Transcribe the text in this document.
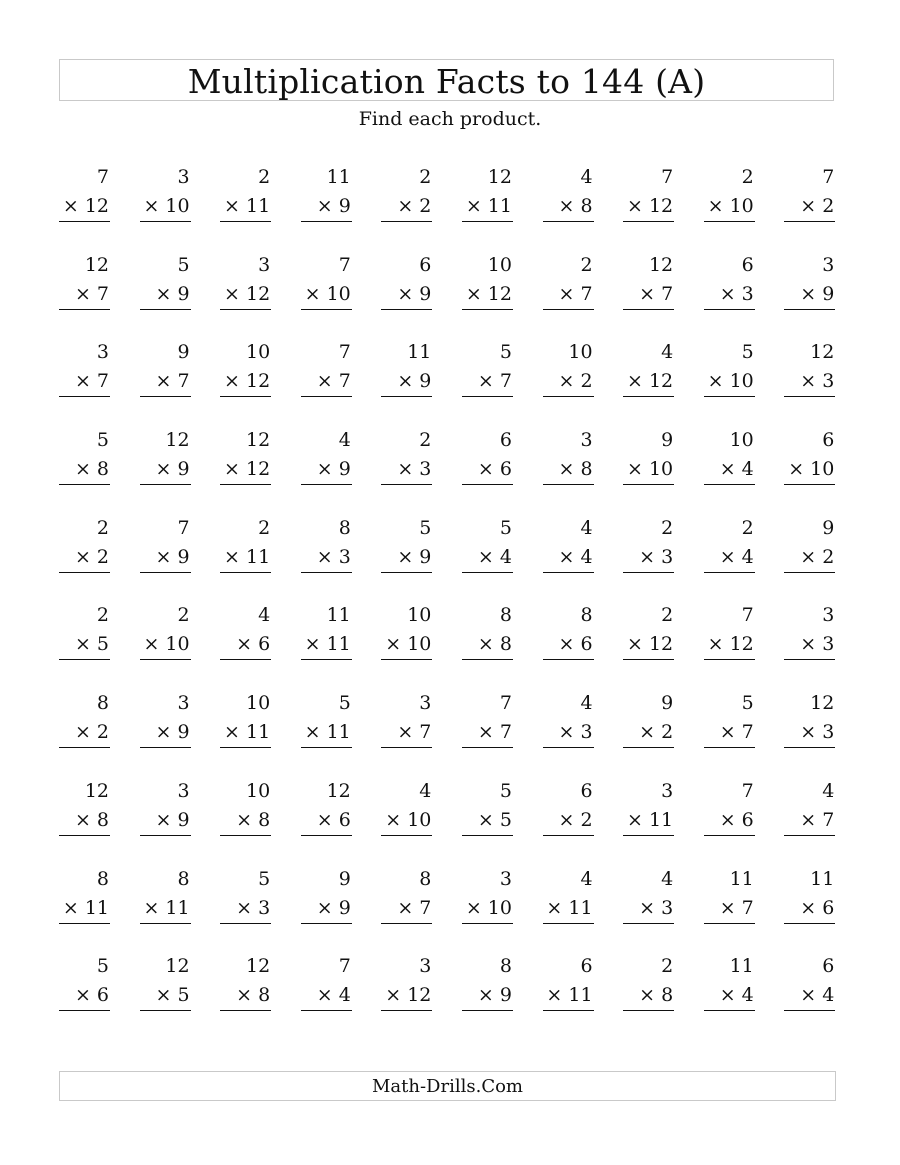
Multiplication Facts to 144 (A)
Find each product.
7
× 12
3
× 10
2
× 11
11
× 9
2
× 2
12
× 11
4
× 8
7
× 12
2
× 10
7
× 2
12
× 7
5
× 9
3
× 12
7
× 10
6
× 9
10
× 12
2
× 7
12
× 7
6
× 3
3
× 9
3
× 7
9
× 7
10
× 12
7
× 7
11
× 9
5
× 7
10
× 2
4
× 12
5
× 10
12
× 3
5
× 8
12
× 9
12
× 12
4
× 9
2
× 3
6
× 6
3
× 8
9
× 10
10
× 4
6
× 10
2
× 2
7
× 9
2
× 11
8
× 3
5
× 9
5
× 4
4
× 4
2
× 3
2
× 4
9
× 2
2
× 5
2
× 10
4
× 6
11
× 11
10
× 10
8
× 8
8
× 6
2
× 12
7
× 12
3
× 3
8
× 2
3
× 9
10
× 11
5
× 11
3
× 7
7
× 7
4
× 3
9
× 2
5
× 7
12
× 3
12
× 8
3
× 9
10
× 8
12
× 6
4
× 10
5
× 5
6
× 2
3
× 11
7
× 6
4
× 7
8
× 11
8
× 11
5
× 3
9
× 9
8
× 7
3
× 10
4
× 11
4
× 3
11
× 7
11
× 6
5
× 6
12
× 5
12
× 8
7
× 4
3
× 12
8
× 9
6
× 11
2
× 8
11
× 4
6
× 4
Math-Drills.Com
